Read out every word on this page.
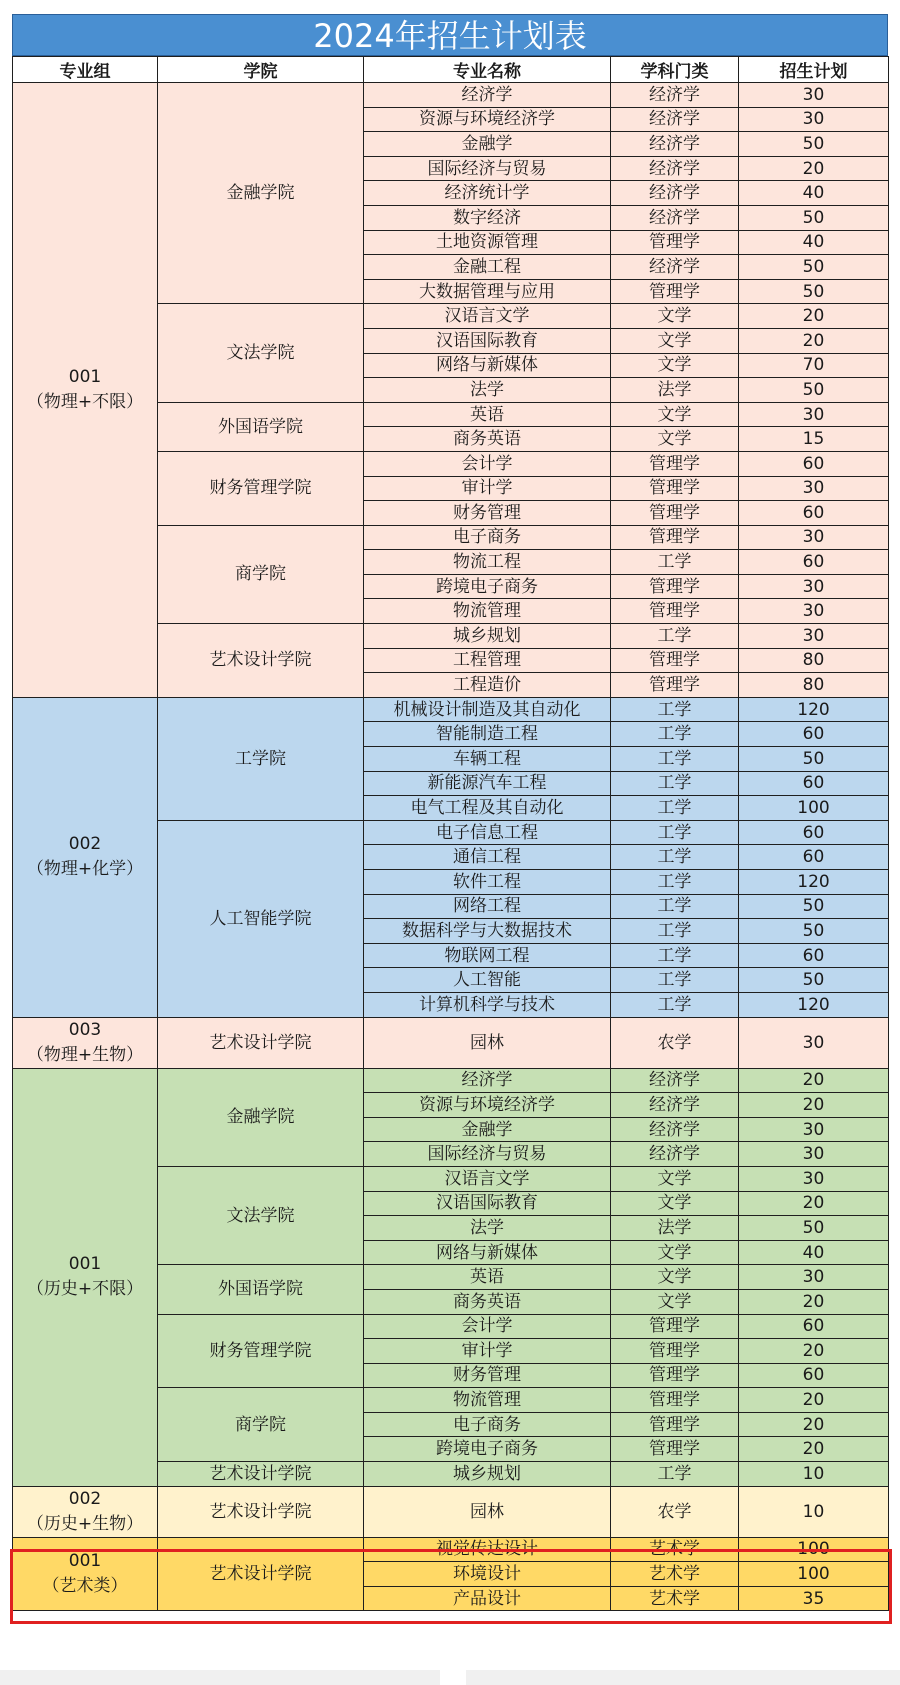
2024年招生计划表
专业组	学院	专业名称	学科门类	招生计划

001
（物理+不限）	金融学院	经济学	经济学	30
		资源与环境经济学	经济学	30
		金融学	经济学	50
		国际经济与贸易	经济学	20
		经济统计学	经济学	40
		数字经济	经济学	50
		土地资源管理	管理学	40
		金融工程	经济学	50
		大数据管理与应用	管理学	50
	文法学院	汉语言文学	文学	20
		汉语国际教育	文学	20
		网络与新媒体	文学	70
		法学	法学	50
	外国语学院	英语	文学	30
		商务英语	文学	15
	财务管理学院	会计学	管理学	60
		审计学	管理学	30
		财务管理	管理学	60
	商学院	电子商务	管理学	30
		物流工程	工学	60
		跨境电子商务	管理学	30
		物流管理	管理学	30
	艺术设计学院	城乡规划	工学	30
		工程管理	管理学	80
		工程造价	管理学	80

002
（物理+化学）	工学院	机械设计制造及其自动化	工学	120
		智能制造工程	工学	60
		车辆工程	工学	50
		新能源汽车工程	工学	60
		电气工程及其自动化	工学	100
	人工智能学院	电子信息工程	工学	60
		通信工程	工学	60
		软件工程	工学	120
		网络工程	工学	50
		数据科学与大数据技术	工学	50
		物联网工程	工学	60
		人工智能	工学	50
		计算机科学与技术	工学	120

003
（物理+生物）	艺术设计学院	园林	农学	30

001
（历史+不限）	金融学院	经济学	经济学	20
		资源与环境经济学	经济学	20
		金融学	经济学	30
		国际经济与贸易	经济学	30
	文法学院	汉语言文学	文学	30
		汉语国际教育	文学	20
		法学	法学	50
		网络与新媒体	文学	40
	外国语学院	英语	文学	30
		商务英语	文学	20
	财务管理学院	会计学	管理学	60
		审计学	管理学	20
		财务管理	管理学	60
	商学院	物流管理	管理学	20
		电子商务	管理学	20
		跨境电子商务	管理学	20
	艺术设计学院	城乡规划	工学	10

002
（历史+生物）	艺术设计学院	园林	农学	10

001
（艺术类）	艺术设计学院	视觉传达设计	艺术学	100
		环境设计	艺术学	100
		产品设计	艺术学	35
